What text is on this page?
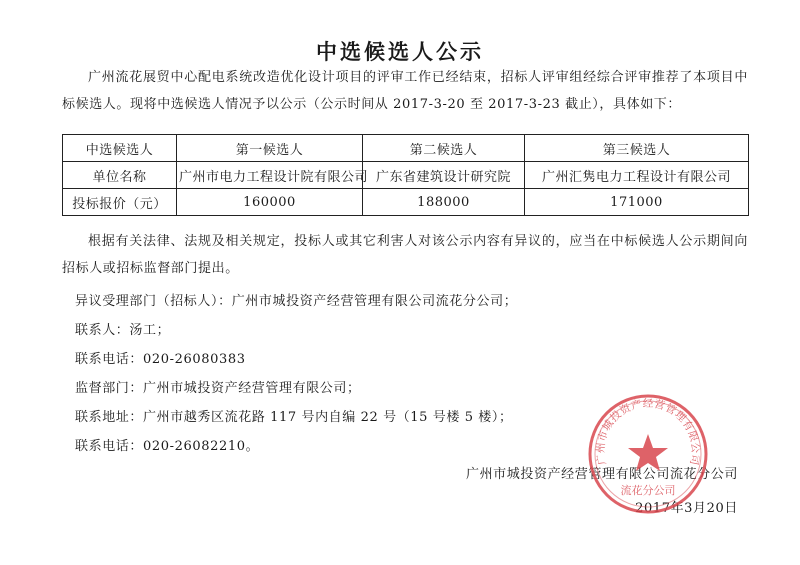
中选候选人公示
广州流花展贸中心配电系统改造优化设计项目的评审工作已经结束，招标人评审组经综合评审推荐了本项目中标候选人。现将中选候选人情况予以公示（公示时间从 2017-3-20 至 2017-3-23 截止），具体如下：
中选候选人	第一候选人	第二候选人	第三候选人
单位名称	广州市电力工程设计院有限公司	广东省建筑设计研究院	广州汇隽电力工程设计有限公司
投标报价（元）	160000	188000	171000
根据有关法律、法规及相关规定，投标人或其它利害人对该公示内容有异议的，应当在中标候选人公示期间向招标人或招标监督部门提出。
异议受理部门（招标人）：广州市城投资产经营管理有限公司流花分公司；
联系人：汤工；
联系电话：020-26080383
监督部门：广州市城投资产经营管理有限公司；
联系地址：广州市越秀区流花路 117 号内自编 22 号（15 号楼 5 楼）；
联系电话：020-26082210。
广州市城投资产经营管理有限公司流花分公司
2017年3月20日
广州市城投资产经营管理有限公司
流花分公司
